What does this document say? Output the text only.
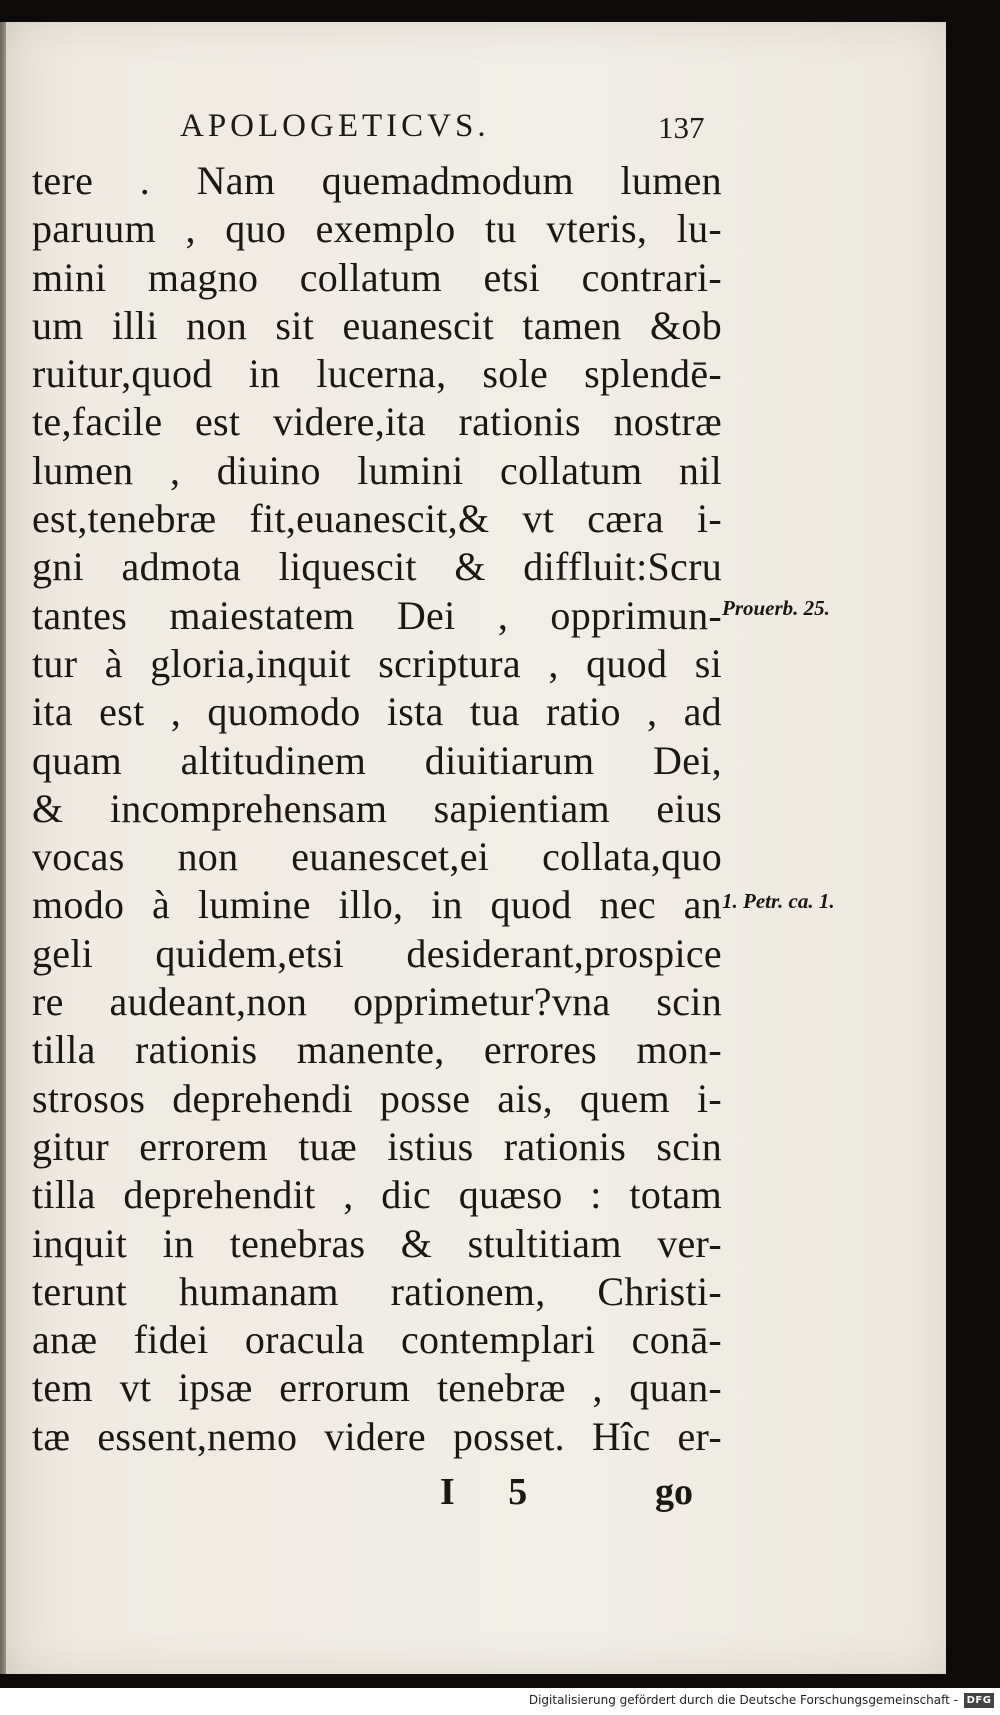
APOLOGETICVS.	137
tere . Nam quemadmodum lumen
paruum , quo exemplo tu vteris, lu-
mini magno collatum etsi contrari-
um illi non sit euanescit tamen &ob
ruitur,quod in lucerna, sole splendē-
te,facile est videre,ita rationis nostræ
lumen , diuino lumini collatum nil
est,tenebræ fit,euanescit,& vt cæra i-
gni admota liquescit & diffluit:Scru
tantes maiestatem Dei , opprimun-
tur à gloria,inquit scriptura , quod si
ita est , quomodo ista tua ratio , ad
quam altitudinem diuitiarum Dei,
& incomprehensam sapientiam eius
vocas non euanescet,ei collata,quo
modo à lumine illo, in quod nec an
geli quidem,etsi desiderant,prospice
re audeant,non opprimetur?vna scin
tilla rationis manente, errores mon-
strosos deprehendi posse ais, quem i-
gitur errorem tuæ istius rationis scin
tilla deprehendit , dic quæso : totam
inquit in tenebras & stultitiam ver-
terunt humanam rationem, Christi-
anæ fidei oracula contemplari conā-
tem vt ipsæ errorum tenebræ , quan-
tæ essent,nemo videre posset. Hîc er-
Prouerb. 25.
1. Petr. ca. 1.
I 5	go
Digitalisierung gefördert durch die Deutsche Forschungsgemeinschaft - DFG
